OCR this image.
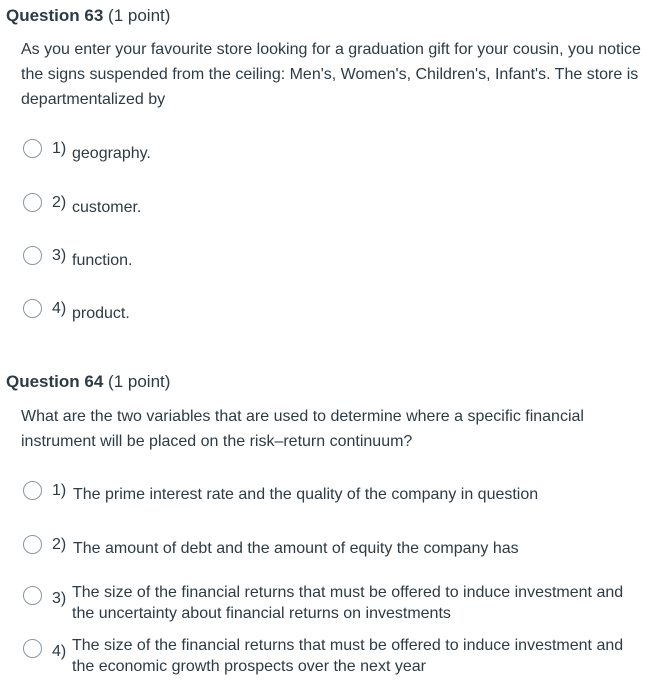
Question 63 (1 point)
As you enter your favourite store looking for a graduation gift for your cousin, you notice the signs suspended from the ceiling: Men's, Women's, Children's, Infant's. The store is departmentalized by
1) geography.
2) customer.
3) function.
4) product.
Question 64 (1 point)
What are the two variables that are used to determine where a specific financial instrument will be placed on the risk–return continuum?
1) The prime interest rate and the quality of the company in question
2) The amount of debt and the amount of equity the company has
3) The size of the financial returns that must be offered to induce investment and the uncertainty about financial returns on investments
4) The size of the financial returns that must be offered to induce investment and the economic growth prospects over the next year
